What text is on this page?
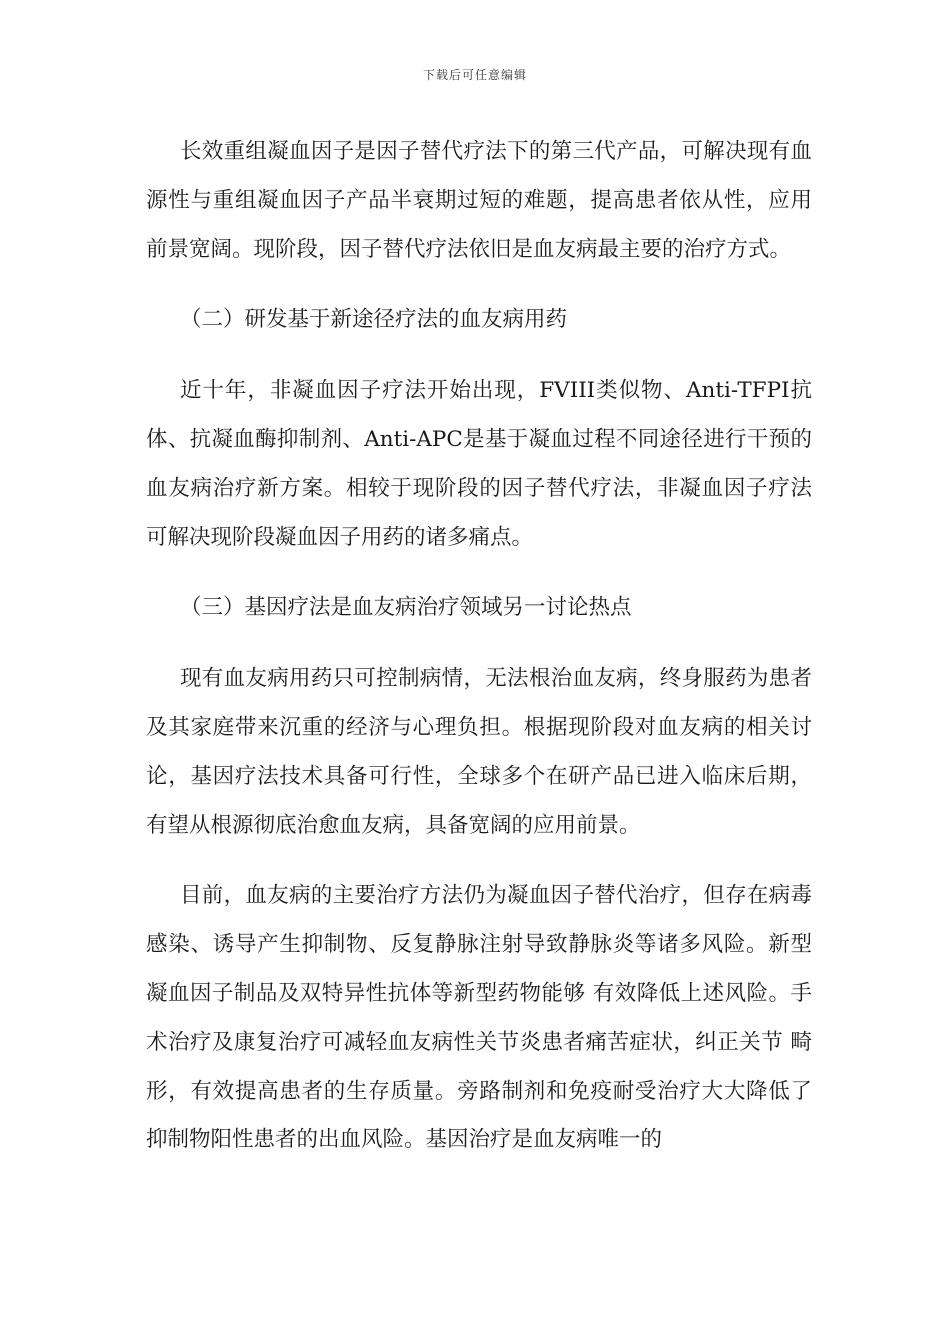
下载后可任意编辑

长效重组凝血因子是因子替代疗法下的第三代产品，可解决现有血源性与重组凝血因子产品半衰期过短的难题，提高患者依从性，应用前景宽阔。现阶段，因子替代疗法依旧是血友病最主要的治疗方式。

（二）研发基于新途径疗法的血友病用药

近十年，非凝血因子疗法开始出现，FVIII类似物、Anti-TFPI抗体、抗凝血酶抑制剂、Anti-APC是基于凝血过程不同途径进行干预的血友病治疗新方案。相较于现阶段的因子替代疗法，非凝血因子疗法可解决现阶段凝血因子用药的诸多痛点。

（三）基因疗法是血友病治疗领域另一讨论热点

现有血友病用药只可控制病情，无法根治血友病，终身服药为患者及其家庭带来沉重的经济与心理负担。根据现阶段对血友病的相关讨论，基因疗法技术具备可行性，全球多个在研产品已进入临床后期，有望从根源彻底治愈血友病，具备宽阔的应用前景。

目前，血友病的主要治疗方法仍为凝血因子替代治疗，但存在病毒感染、诱导产生抑制物、反复静脉注射导致静脉炎等诸多风险。新型凝血因子制品及双特异性抗体等新型药物能够 有效降低上述风险。手术治疗及康复治疗可减轻血友病性关节炎患者痛苦症状，纠正关节 畸形，有效提高患者的生存质量。旁路制剂和免疫耐受治疗大大降低了抑制物阳性患者的出血风险。基因治疗是血友病唯一的
